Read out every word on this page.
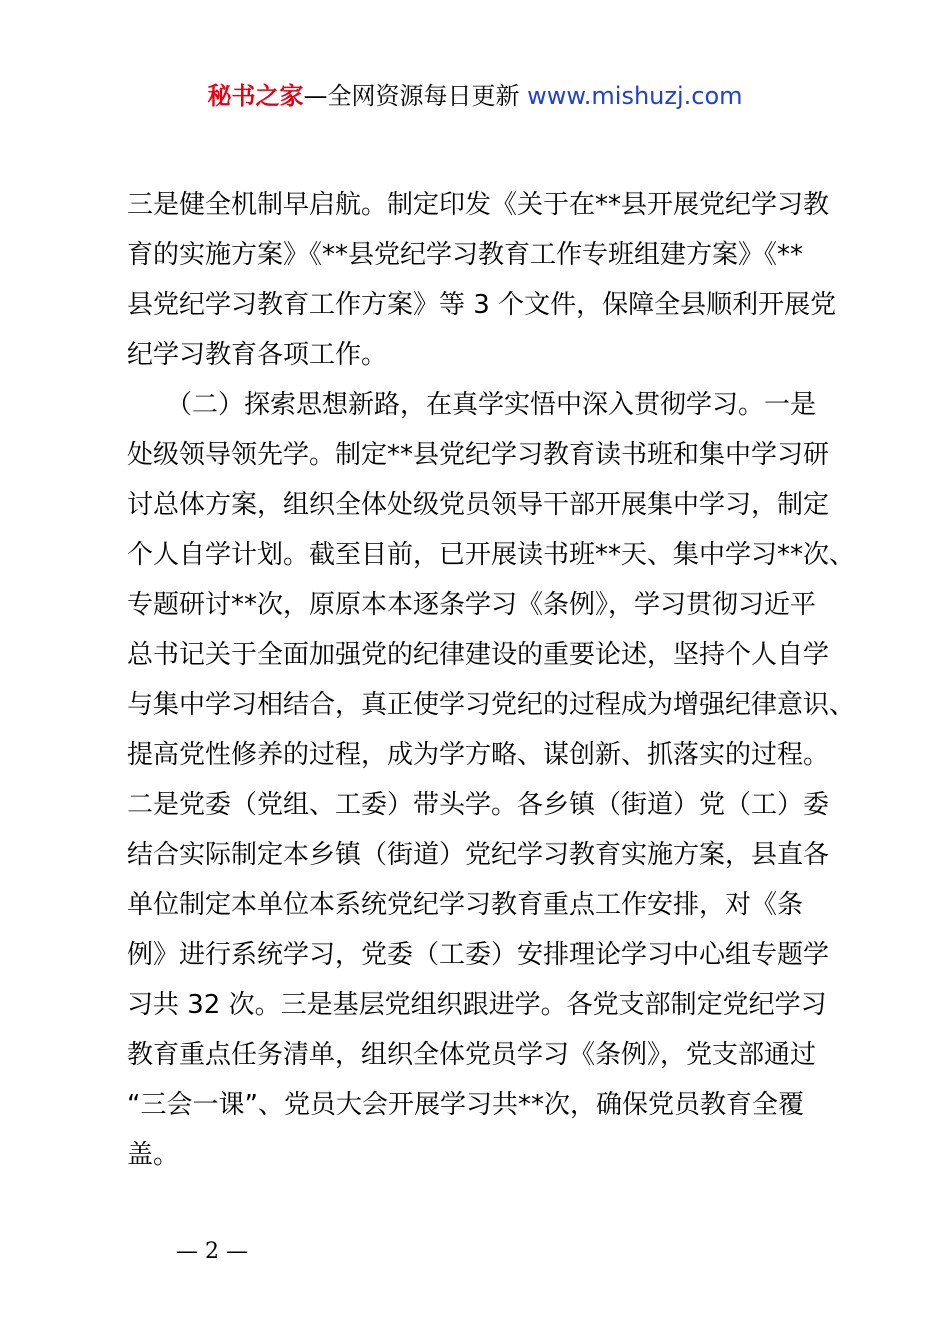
秘书之家—全网资源每日更新 www.mishuzj.com
三是健全机制早启航。制定印发《关于在**县开展党纪学习教
育的实施方案》《**县党纪学习教育工作专班组建方案》《**
县党纪学习教育工作方案》等 3 个文件，保障全县顺利开展党
纪学习教育各项工作。
　　（二）探索思想新路，在真学实悟中深入贯彻学习。一是
处级领导领先学。制定**县党纪学习教育读书班和集中学习研
讨总体方案，组织全体处级党员领导干部开展集中学习，制定
个人自学计划。截至目前，已开展读书班**天、集中学习**次、
专题研讨**次，原原本本逐条学习《条例》，学习贯彻习近平
总书记关于全面加强党的纪律建设的重要论述，坚持个人自学
与集中学习相结合，真正使学习党纪的过程成为增强纪律意识、
提高党性修养的过程，成为学方略、谋创新、抓落实的过程。
二是党委（党组、工委）带头学。各乡镇（街道）党（工）委
结合实际制定本乡镇（街道）党纪学习教育实施方案，县直各
单位制定本单位本系统党纪学习教育重点工作安排，对《条
例》进行系统学习，党委（工委）安排理论学习中心组专题学
习共 32 次。三是基层党组织跟进学。各党支部制定党纪学习
教育重点任务清单，组织全体党员学习《条例》，党支部通过
“三会一课”、党员大会开展学习共**次，确保党员教育全覆
盖。
— 2 —
